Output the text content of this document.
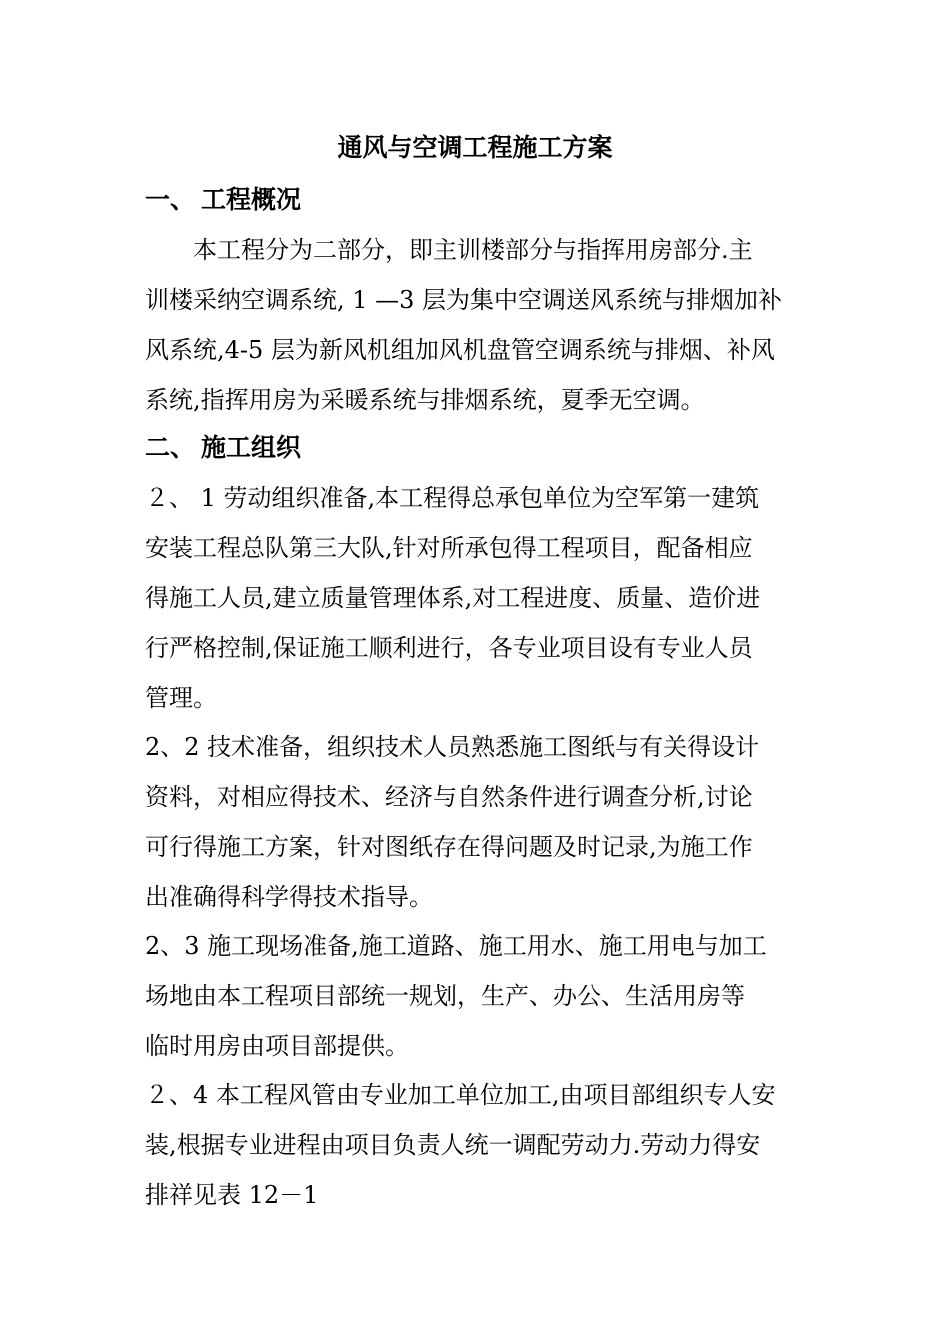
通风与空调工程施工方案
一、 工程概况
　　本工程分为二部分，即主训楼部分与指挥用房部分.主
训楼采纳空调系统, 1 —3 层为集中空调送风系统与排烟加补
风系统,4-5 层为新风机组加风机盘管空调系统与排烟、补风
系统,指挥用房为采暖系统与排烟系统，夏季无空调。
二、 施工组织
２、 1 劳动组织准备,本工程得总承包单位为空军第一建筑
安装工程总队第三大队,针对所承包得工程项目，配备相应
得施工人员,建立质量管理体系,对工程进度、质量、造价进
行严格控制,保证施工顺利进行，各专业项目设有专业人员
管理。
2、2 技术准备，组织技术人员熟悉施工图纸与有关得设计
资料，对相应得技术、经济与自然条件进行调查分析,讨论
可行得施工方案，针对图纸存在得问题及时记录,为施工作
出准确得科学得技术指导。
2、3 施工现场准备,施工道路、施工用水、施工用电与加工
场地由本工程项目部统一规划，生产、办公、生活用房等
临时用房由项目部提供。
２、4 本工程风管由专业加工单位加工,由项目部组织专人安
装,根据专业进程由项目负责人统一调配劳动力.劳动力得安
排祥见表 12－1
